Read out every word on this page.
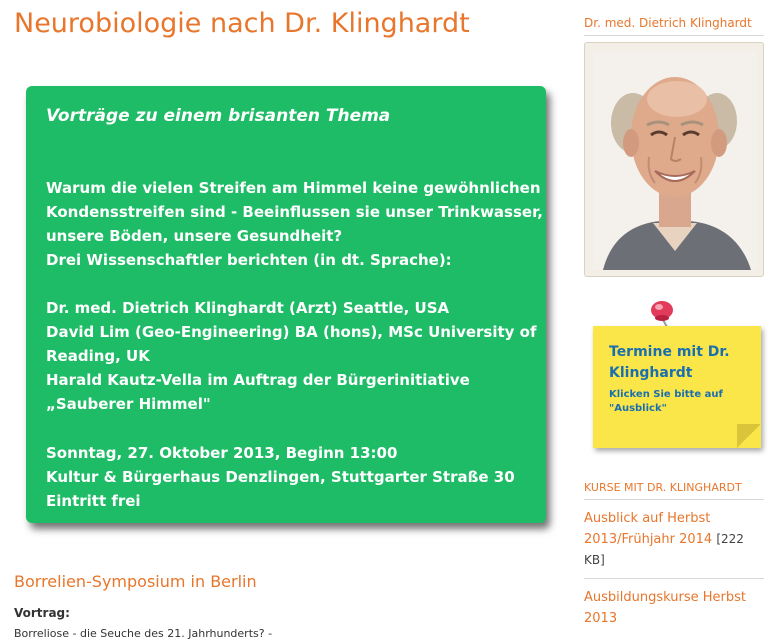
Neurobiologie nach Dr. Klinghardt
Vorträge zu einem brisanten Thema
Warum die vielen Streifen am Himmel keine gewöhnlichen
Kondensstreifen sind - Beeinflussen sie unser Trinkwasser,
unsere Böden, unsere Gesundheit?
Drei Wissenschaftler berichten (in dt. Sprache):
Dr. med. Dietrich Klinghardt (Arzt) Seattle, USA
David Lim (Geo-Engineering) BA (hons), MSc University of
Reading, UK
Harald Kautz-Vella im Auftrag der Bürgerinitiative
„Sauberer Himmel"
Sonntag, 27. Oktober 2013, Beginn 13:00
Kultur & Bürgerhaus Denzlingen, Stuttgarter Straße 30
Eintritt frei
Borrelien-Symposium in Berlin
Vortrag:
Borreliose - die Seuche des 21. Jahrhunderts? -
Dr. med. Dietrich Klinghardt
Termine mit Dr. Klinghardt
Klicken Sie bitte auf "Ausblick"
KURSE MIT DR. KLINGHARDT
Ausblick auf Herbst 2013/Frühjahr 2014 [222 KB]
Ausbildungskurse Herbst 2013
